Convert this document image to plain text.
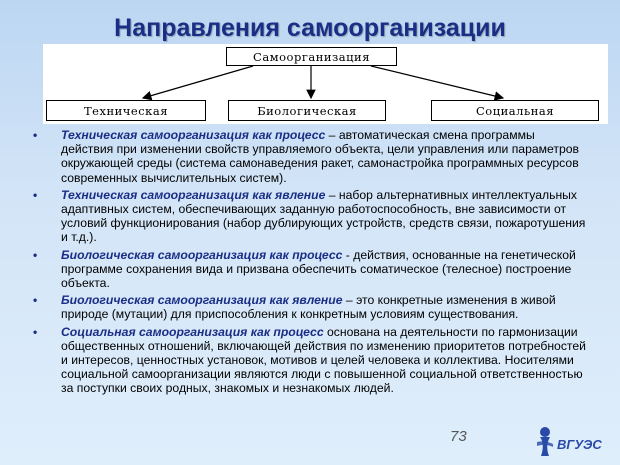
Направления самоорганизации
Самоорганизация
Техническая	Биологическая	Социальная
• Техническая самоорганизация как процесс – автоматическая смена программы действия при изменении свойств управляемого объекта, цели управления или параметров окружающей среды (система самонаведения ракет, самонастройка программных ресурсов современных вычислительных систем).
• Техническая самоорганизация как явление – набор альтернативных интеллектуальных адаптивных систем, обеспечивающих заданную работоспособность, вне зависимости от условий функционирования (набор дублирующих устройств, средств связи, пожаротушения и т.д.).
• Биологическая самоорганизация как процесс - действия, основанные на генетической программе сохранения вида и призвана обеспечить соматическое (телесное) построение объекта.
• Биологическая самоорганизация как явление – это конкретные изменения в живой природе (мутации) для приспособления к конкретным условиям существования.
• Социальная самоорганизация как процесс основана на деятельности по гармонизации общественных отношений, включающей действия по изменению приоритетов потребностей и интересов, ценностных установок, мотивов и целей человека и коллектива. Носителями социальной самоорганизации являются люди с повышенной социальной ответственностью за поступки своих родных, знакомых и незнакомых людей.
73	ВГУЭС
